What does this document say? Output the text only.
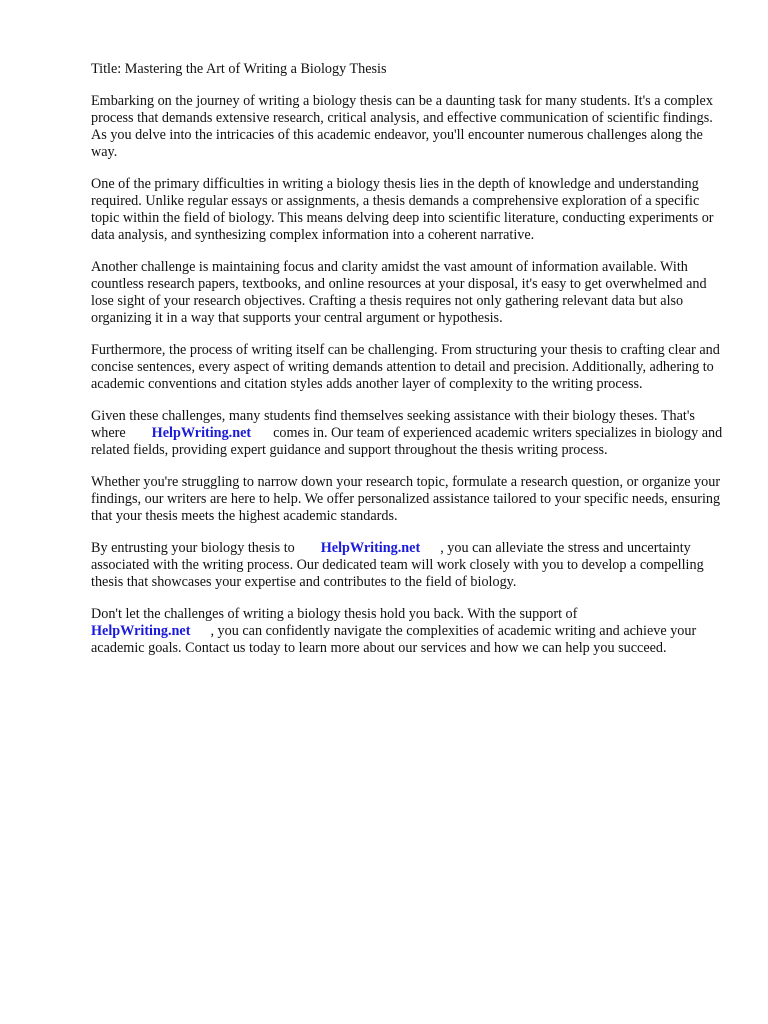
Title: Mastering the Art of Writing a Biology Thesis

Embarking on the journey of writing a biology thesis can be a daunting task for many students. It's a complex process that demands extensive research, critical analysis, and effective communication of scientific findings. As you delve into the intricacies of this academic endeavor, you'll encounter numerous challenges along the way.

One of the primary difficulties in writing a biology thesis lies in the depth of knowledge and understanding required. Unlike regular essays or assignments, a thesis demands a comprehensive exploration of a specific topic within the field of biology. This means delving deep into scientific literature, conducting experiments or data analysis, and synthesizing complex information into a coherent narrative.

Another challenge is maintaining focus and clarity amidst the vast amount of information available. With countless research papers, textbooks, and online resources at your disposal, it's easy to get overwhelmed and lose sight of your research objectives. Crafting a thesis requires not only gathering relevant data but also organizing it in a way that supports your central argument or hypothesis.

Furthermore, the process of writing itself can be challenging. From structuring your thesis to crafting clear and concise sentences, every aspect of writing demands attention to detail and precision. Additionally, adhering to academic conventions and citation styles adds another layer of complexity to the writing process.

Given these challenges, many students find themselves seeking assistance with their biology theses. That's where HelpWriting.net comes in. Our team of experienced academic writers specializes in biology and related fields, providing expert guidance and support throughout the thesis writing process.

Whether you're struggling to narrow down your research topic, formulate a research question, or organize your findings, our writers are here to help. We offer personalized assistance tailored to your specific needs, ensuring that your thesis meets the highest academic standards.

By entrusting your biology thesis to HelpWriting.net , you can alleviate the stress and uncertainty associated with the writing process. Our dedicated team will work closely with you to develop a compelling thesis that showcases your expertise and contributes to the field of biology.

Don't let the challenges of writing a biology thesis hold you back. With the support of
HelpWriting.net , you can confidently navigate the complexities of academic writing and achieve your academic goals. Contact us today to learn more about our services and how we can help you succeed.
